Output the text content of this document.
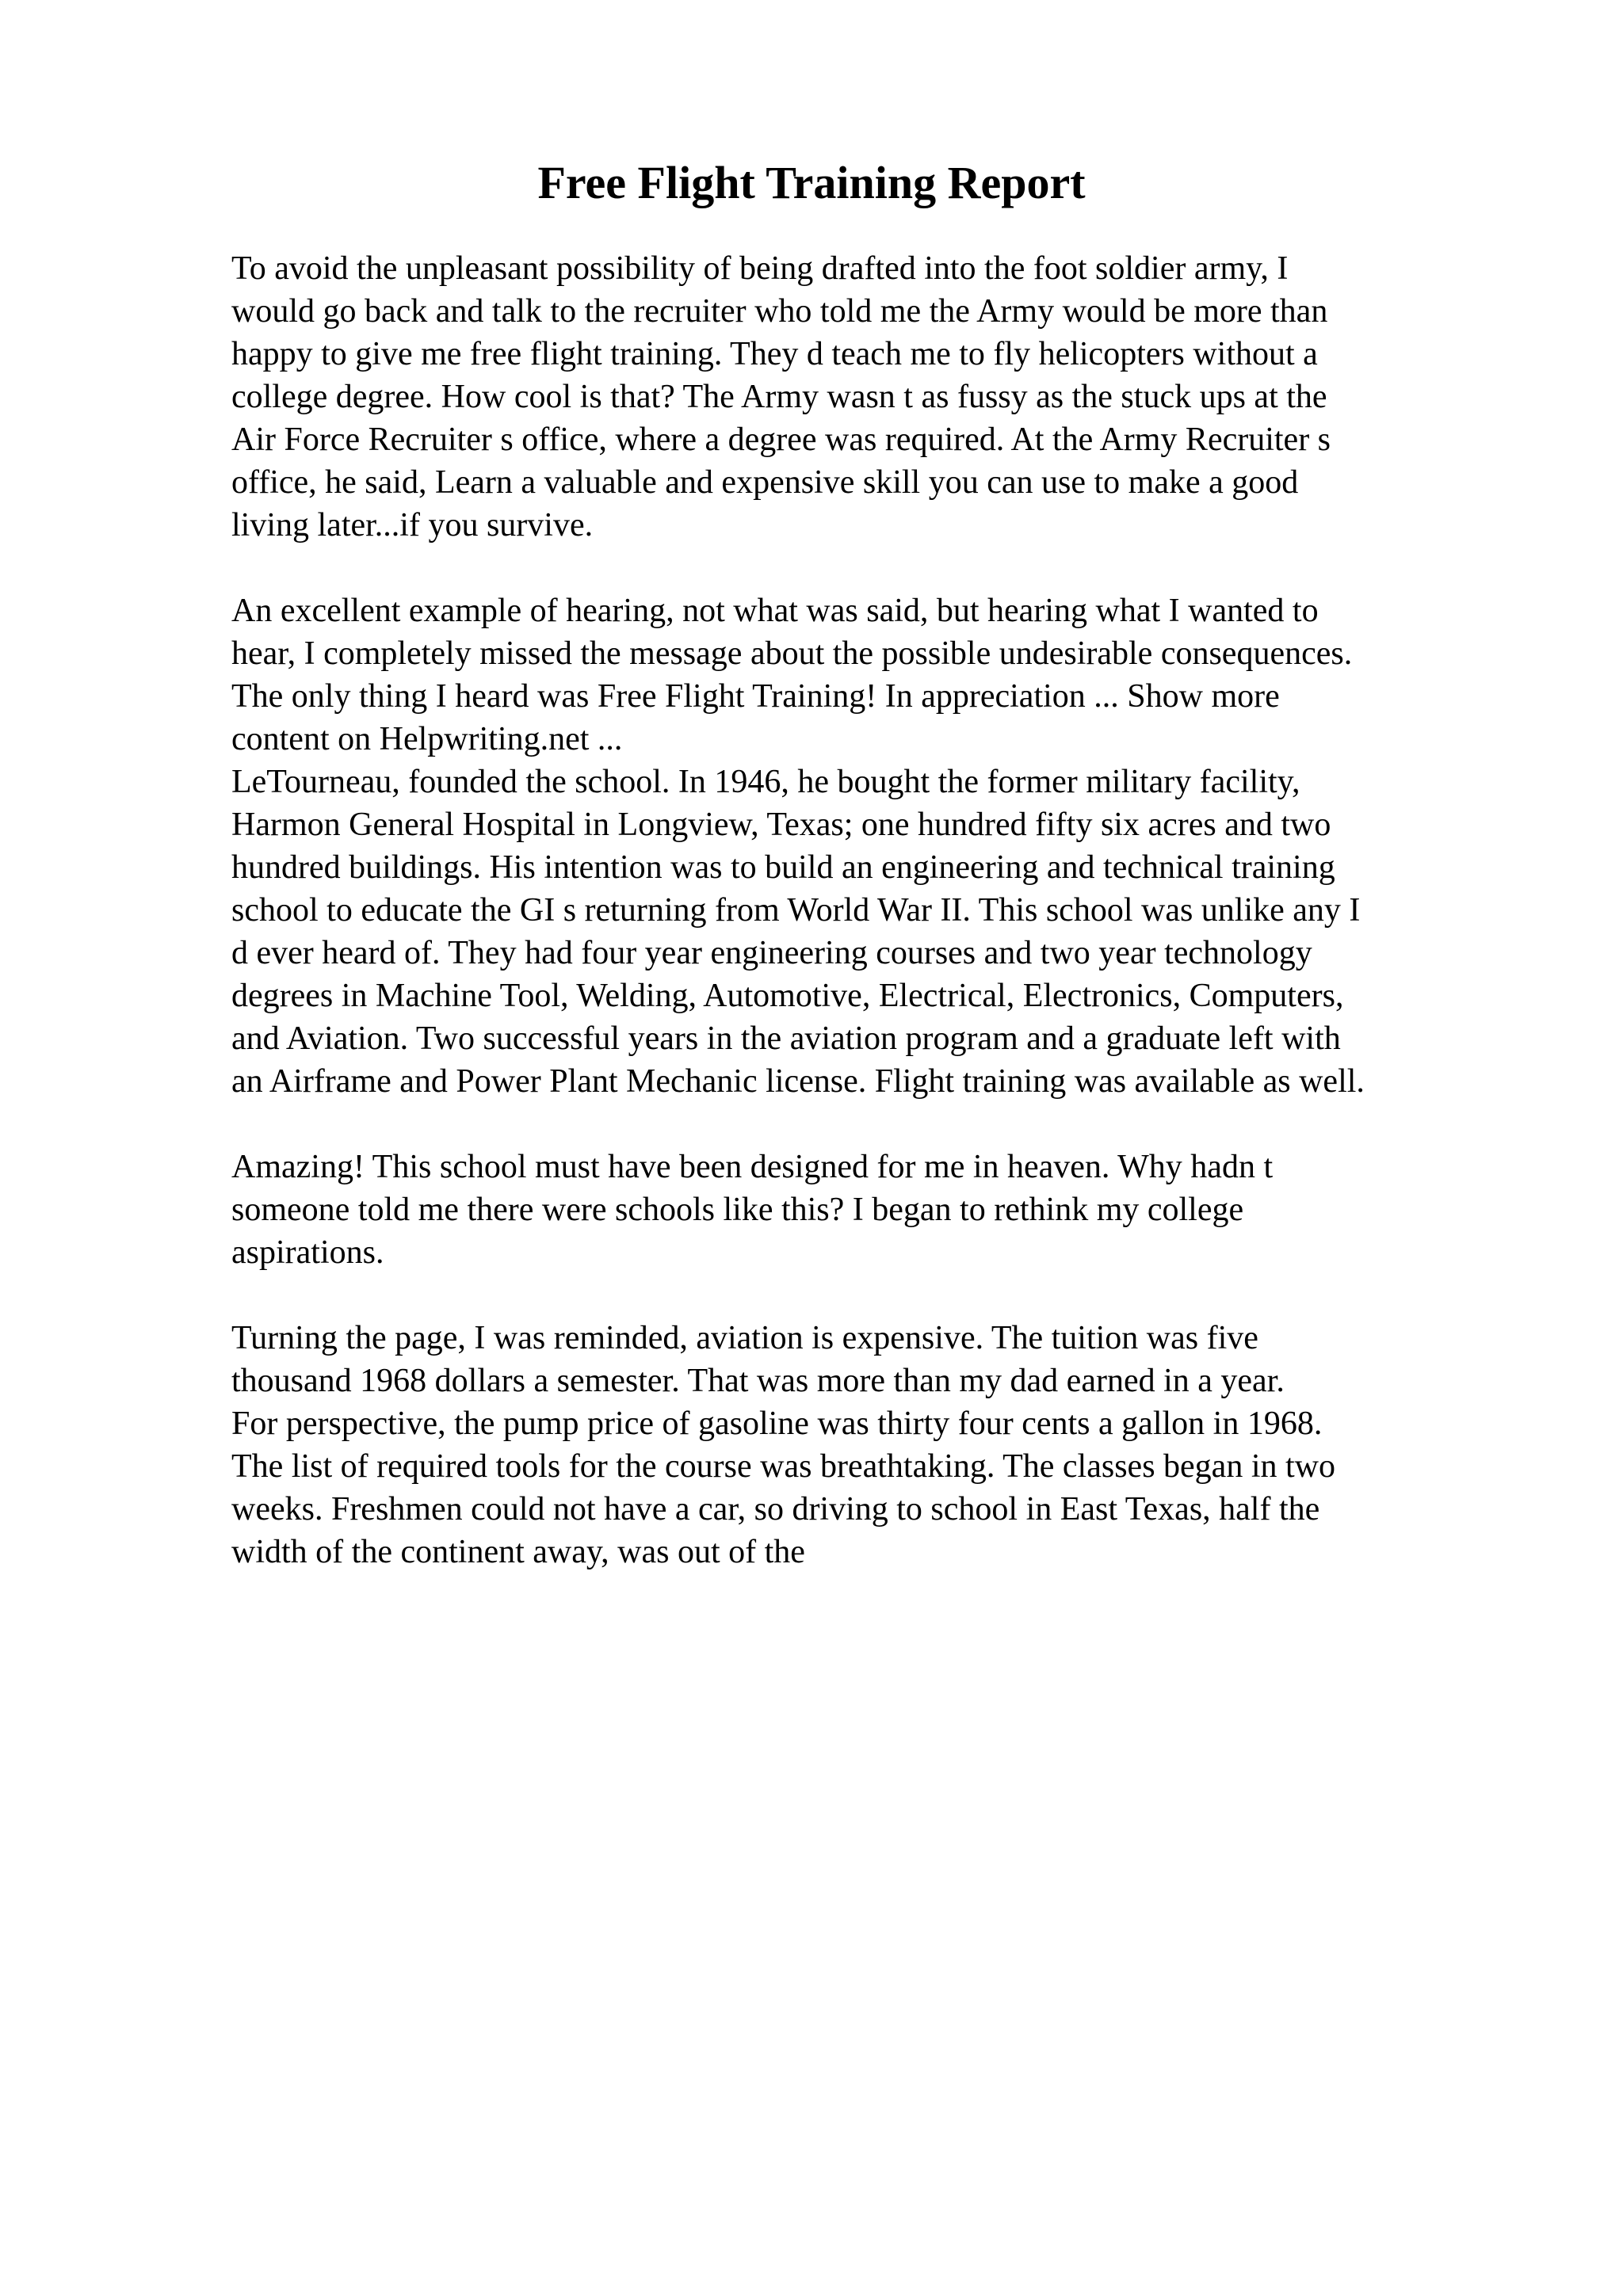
Free Flight Training Report
To avoid the unpleasant possibility of being drafted into the foot soldier army, I
would go back and talk to the recruiter who told me the Army would be more than
happy to give me free flight training. They d teach me to fly helicopters without a
college degree. How cool is that? The Army wasn t as fussy as the stuck ups at the
Air Force Recruiter s office, where a degree was required. At the Army Recruiter s
office, he said, Learn a valuable and expensive skill you can use to make a good
living later...if you survive.
An excellent example of hearing, not what was said, but hearing what I wanted to
hear, I completely missed the message about the possible undesirable consequences.
The only thing I heard was Free Flight Training! In appreciation ... Show more
content on Helpwriting.net ...
LeTourneau, founded the school. In 1946, he bought the former military facility,
Harmon General Hospital in Longview, Texas; one hundred fifty six acres and two
hundred buildings. His intention was to build an engineering and technical training
school to educate the GI s returning from World War II. This school was unlike any I
d ever heard of. They had four year engineering courses and two year technology
degrees in Machine Tool, Welding, Automotive, Electrical, Electronics, Computers,
and Aviation. Two successful years in the aviation program and a graduate left with
an Airframe and Power Plant Mechanic license. Flight training was available as well.
Amazing! This school must have been designed for me in heaven. Why hadn t
someone told me there were schools like this? I began to rethink my college
aspirations.
Turning the page, I was reminded, aviation is expensive. The tuition was five
thousand 1968 dollars a semester. That was more than my dad earned in a year.
For perspective, the pump price of gasoline was thirty four cents a gallon in 1968.
The list of required tools for the course was breathtaking. The classes began in two
weeks. Freshmen could not have a car, so driving to school in East Texas, half the
width of the continent away, was out of the
